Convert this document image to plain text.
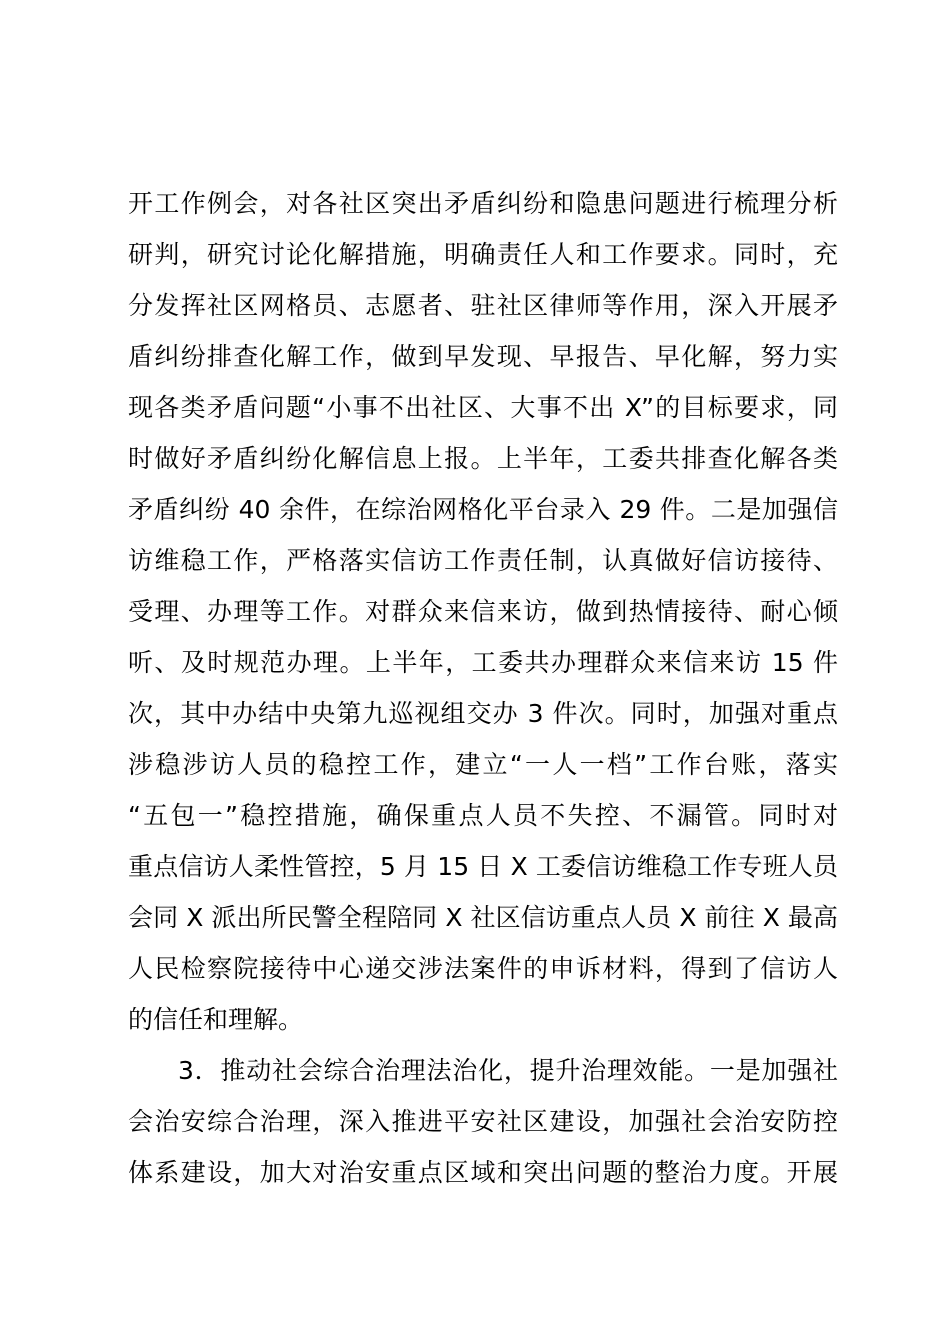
开工作例会，对各社区突出矛盾纠纷和隐患问题进行梳理分析
研判，研究讨论化解措施，明确责任人和工作要求。同时，充
分发挥社区网格员、志愿者、驻社区律师等作用，深入开展矛
盾纠纷排查化解工作，做到早发现、早报告、早化解，努力实
现各类矛盾问题“小事不出社区、大事不出 X”的目标要求，同
时做好矛盾纠纷化解信息上报。上半年，工委共排查化解各类
矛盾纠纷 40 余件，在综治网格化平台录入 29 件。二是加强信
访维稳工作，严格落实信访工作责任制，认真做好信访接待、
受理、办理等工作。对群众来信来访，做到热情接待、耐心倾
听、及时规范办理。上半年，工委共办理群众来信来访 15 件
次，其中办结中央第九巡视组交办 3 件次。同时，加强对重点
涉稳涉访人员的稳控工作，建立“一人一档”工作台账，落实
“五包一”稳控措施，确保重点人员不失控、不漏管。同时对
重点信访人柔性管控，5 月 15 日 X 工委信访维稳工作专班人员
会同 X 派出所民警全程陪同 X 社区信访重点人员 X 前往 X 最高
人民检察院接待中心递交涉法案件的申诉材料，得到了信访人
的信任和理解。
3．推动社会综合治理法治化，提升治理效能。一是加强社
会治安综合治理，深入推进平安社区建设，加强社会治安防控
体系建设，加大对治安重点区域和突出问题的整治力度。开展
